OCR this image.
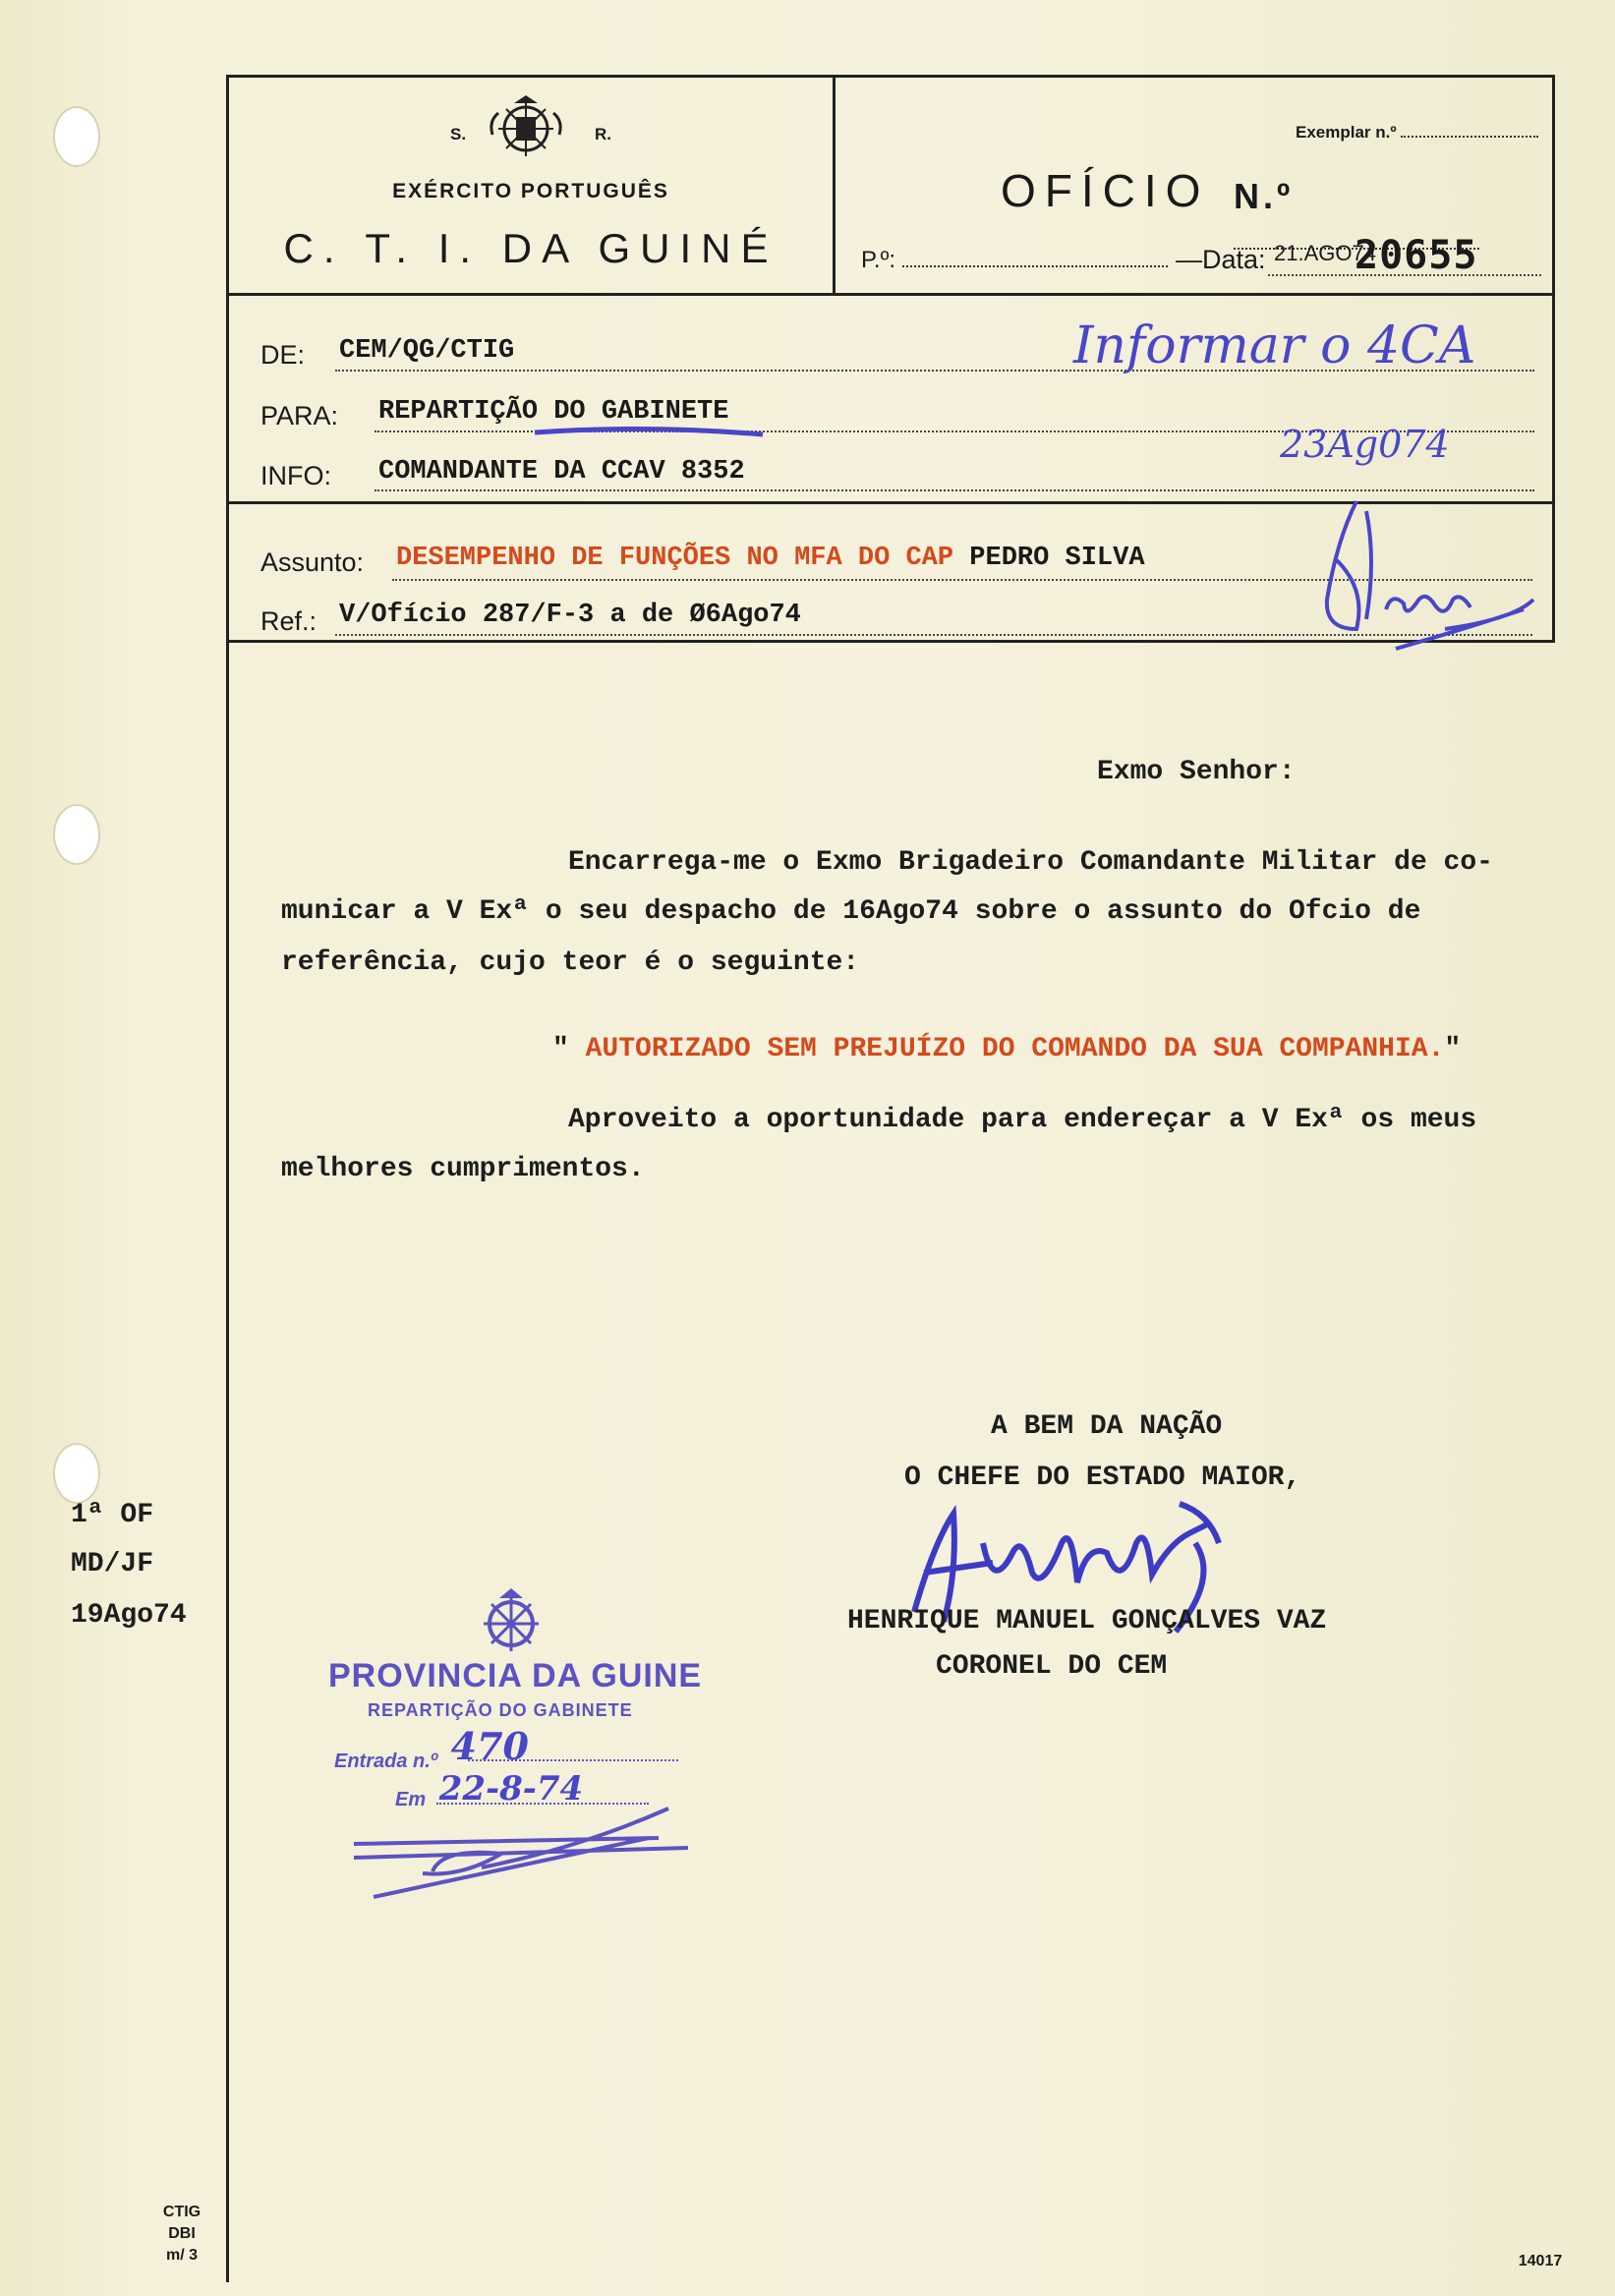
S.	R.
EXÉRCITO PORTUGUÊS
C. T. I. DA GUINÉ
Exemplar n.º
OFÍCIO N.º
P.º:	—Data: 21.AGO74
20655
DE: CEM/QG/CTIG
PARA: REPARTIÇÃO DO GABINETE
INFO: COMANDANTE DA CCAV 8352
Assunto: DESEMPENHO DE FUNÇÕES NO MFA DO CAP PEDRO SILVA
Ref.: V/Ofício 287/F-3 a de Ø6Ago74
Informar o 4CA
23Ag074
Exmo Senhor:
Encarrega-me o Exmo Brigadeiro Comandante Militar de co-
municar a V Exª o seu despacho de 16Ago74 sobre o assunto do Ofcio de
referência, cujo teor é o seguinte:
" AUTORIZADO SEM PREJUÍZO DO COMANDO DA SUA COMPANHIA."
Aproveito a oportunidade para endereçar a V Exª os meus
melhores cumprimentos.
A BEM DA NAÇÃO
O CHEFE DO ESTADO MAIOR,
HENRIQUE MANUEL GONÇALVES VAZ
CORONEL DO CEM
1ª OF
MD/JF
19Ago74
PROVINCIA DA GUINE
REPARTIÇÃO DO GABINETE
Entrada n.º 470
Em 22-8-74
CTIG
DBI
m/ 3	14017
